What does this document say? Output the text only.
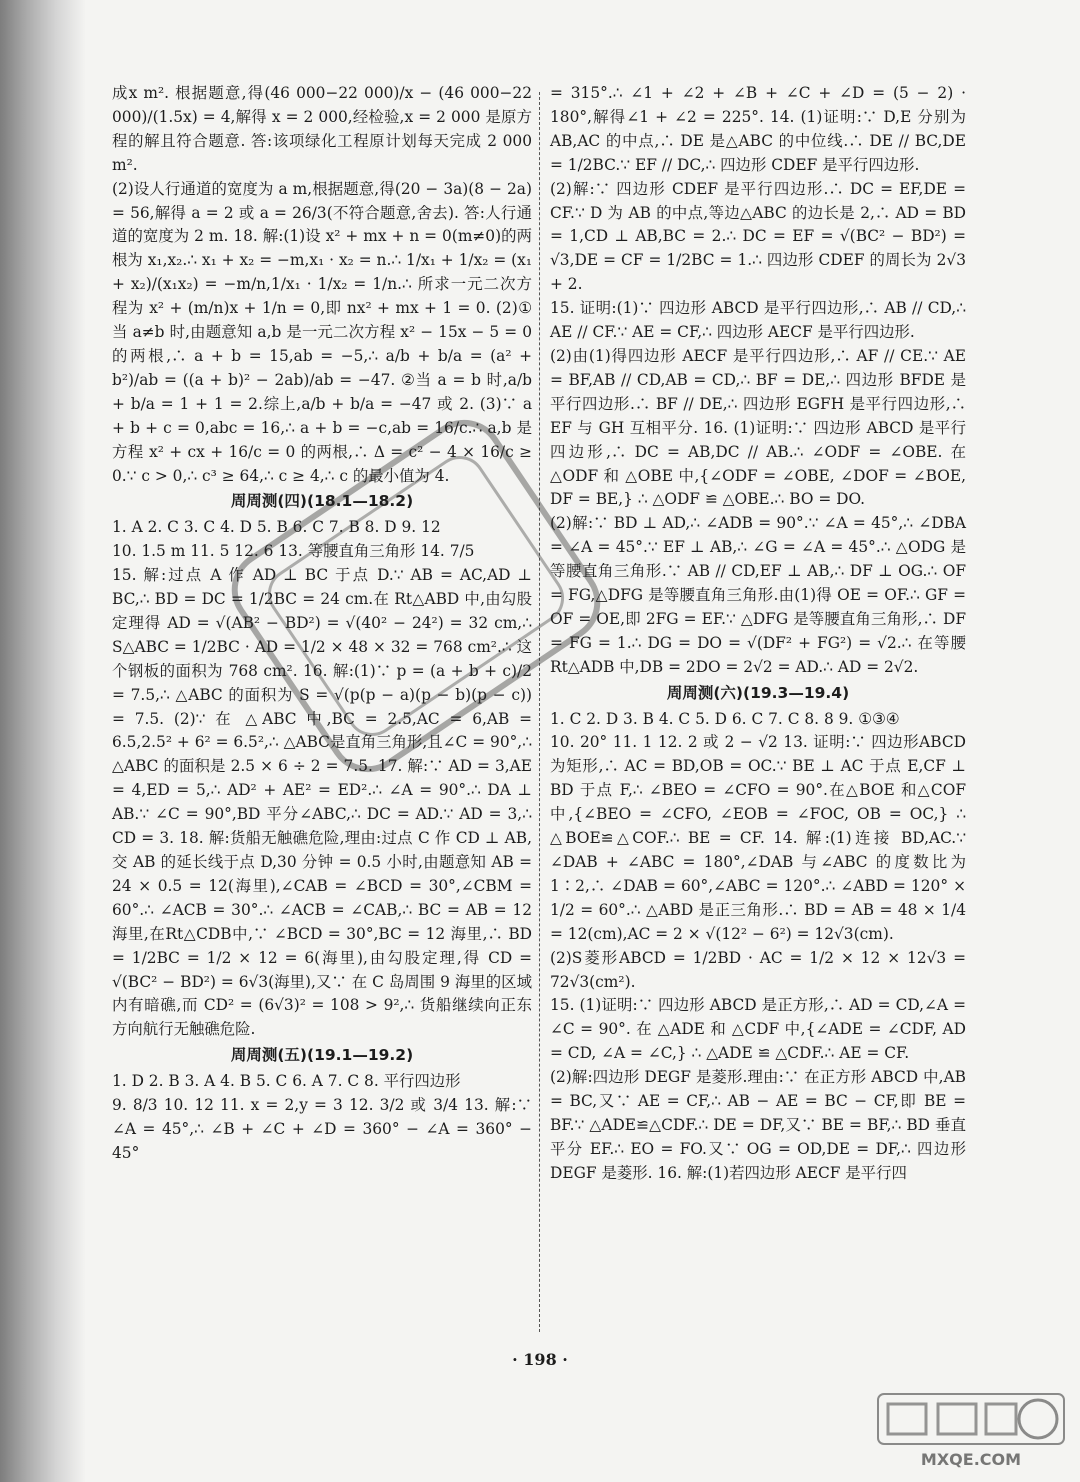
成x m². 根据题意,得(46 000−22 000)/x − (46 000−22 000)/(1.5x) = 4,解得 x = 2 000,经检验,x = 2 000 是原方程的解且符合题意. 答:该项绿化工程原计划每天完成 2 000 m².

(2)设人行通道的宽度为 a m,根据题意,得(20 − 3a)(8 − 2a) = 56,解得 a = 2 或 a = 26/3(不符合题意,舍去). 答:人行通道的宽度为 2 m. 18. 解:(1)设 x² + mx + n = 0(m≠0)的两根为 x₁,x₂.∴ x₁ + x₂ = −m,x₁ · x₂ = n.∴ 1/x₁ + 1/x₂ = (x₁ + x₂)/(x₁x₂) = −m/n,1/x₁ · 1/x₂ = 1/n.∴ 所求一元二次方程为 x² + (m/n)x + 1/n = 0,即 nx² + mx + 1 = 0. (2)①当 a≠b 时,由题意知 a,b 是一元二次方程 x² − 15x − 5 = 0 的两根,∴ a + b = 15,ab = −5,∴ a/b + b/a = (a² + b²)/ab = ((a + b)² − 2ab)/ab = −47. ②当 a = b 时,a/b + b/a = 1 + 1 = 2.综上,a/b + b/a = −47 或 2. (3)∵ a + b + c = 0,abc = 16,∴ a + b = −c,ab = 16/c.∴ a,b 是方程 x² + cx + 16/c = 0 的两根,∴ Δ = c² − 4 × 16/c ≥ 0.∵ c > 0,∴ c³ ≥ 64,∴ c ≥ 4,∴ c 的最小值为 4.

周周测(四)(18.1—18.2)

1. A 2. C 3. C 4. D 5. B 6. C 7. B 8. D 9. 12

10. 1.5 m 11. 5 12. 6 13. 等腰直角三角形 14. 7/5

15. 解:过点 A 作 AD ⊥ BC 于点 D.∵ AB = AC,AD ⊥ BC,∴ BD = DC = 1/2BC = 24 cm.在 Rt△ABD 中,由勾股定理得 AD = √(AB² − BD²) = √(40² − 24²) = 32 cm,∴ S△ABC = 1/2BC · AD = 1/2 × 48 × 32 = 768 cm².∴ 这个钢板的面积为 768 cm². 16. 解:(1)∵ p = (a + b + c)/2 = 7.5,∴ △ABC 的面积为 S = √(p(p − a)(p − b)(p − c)) = 7.5. (2)∵ 在 △ABC 中,BC = 2.5,AC = 6,AB = 6.5,2.5² + 6² = 6.5²,∴ △ABC是直角三角形,且∠C = 90°,∴ △ABC 的面积是 2.5 × 6 ÷ 2 = 7.5. 17. 解:∵ AD = 3,AE = 4,ED = 5,∴ AD² + AE² = ED².∴ ∠A = 90°.∴ DA ⊥ AB.∵ ∠C = 90°,BD 平分∠ABC,∴ DC = AD.∵ AD = 3,∴ CD = 3. 18. 解:货船无触礁危险,理由:过点 C 作 CD ⊥ AB,交 AB 的延长线于点 D,30 分钟 = 0.5 小时,由题意知 AB = 24 × 0.5 = 12(海里),∠CAB = ∠BCD = 30°,∠CBM = 60°.∴ ∠ACB = 30°.∴ ∠ACB = ∠CAB,∴ BC = AB = 12 海里,在Rt△CDB中,∵ ∠BCD = 30°,BC = 12 海里,∴ BD = 1/2BC = 1/2 × 12 = 6(海里),由勾股定理,得 CD = √(BC² − BD²) = 6√3(海里),又∵ 在 C 岛周围 9 海里的区域内有暗礁,而 CD² = (6√3)² = 108 > 9²,∴ 货船继续向正东方向航行无触礁危险.

周周测(五)(19.1—19.2)

1. D 2. B 3. A 4. B 5. C 6. A 7. C 8. 平行四边形

9. 8/3 10. 12 11. x = 2,y = 3 12. 3/2 或 3/4 13. 解:∵ ∠A = 45°,∴ ∠B + ∠C + ∠D = 360° − ∠A = 360° − 45°

= 315°.∴ ∠1 + ∠2 + ∠B + ∠C + ∠D = (5 − 2) · 180°,解得∠1 + ∠2 = 225°. 14. (1)证明:∵ D,E 分别为 AB,AC 的中点,∴ DE 是△ABC 的中位线.∴ DE // BC,DE = 1/2BC.∵ EF // DC,∴ 四边形 CDEF 是平行四边形.

(2)解:∵ 四边形 CDEF 是平行四边形.∴ DC = EF,DE = CF.∵ D 为 AB 的中点,等边△ABC 的边长是 2,∴ AD = BD = 1,CD ⊥ AB,BC = 2.∴ DC = EF = √(BC² − BD²) = √3,DE = CF = 1/2BC = 1.∴ 四边形 CDEF 的周长为 2√3 + 2.

15. 证明:(1)∵ 四边形 ABCD 是平行四边形,∴ AB // CD,∴ AE // CF.∵ AE = CF,∴ 四边形 AECF 是平行四边形.

(2)由(1)得四边形 AECF 是平行四边形,∴ AF // CE.∵ AE = BF,AB // CD,AB = CD,∴ BF = DE,∴ 四边形 BFDE 是平行四边形.∴ BF // DE,∴ 四边形 EGFH 是平行四边形,∴ EF 与 GH 互相平分. 16. (1)证明:∵ 四边形 ABCD 是平行四边形,∴ DC = AB,DC // AB.∴ ∠ODF = ∠OBE. 在 △ODF 和 △OBE 中,{∠ODF = ∠OBE, ∠DOF = ∠BOE, DF = BE,} ∴ △ODF ≌ △OBE.∴ BO = DO.

(2)解:∵ BD ⊥ AD,∴ ∠ADB = 90°.∵ ∠A = 45°,∴ ∠DBA = ∠A = 45°.∵ EF ⊥ AB,∴ ∠G = ∠A = 45°.∴ △ODG 是等腰直角三角形.∵ AB // CD,EF ⊥ AB,∴ DF ⊥ OG.∴ OF = FG,△DFG 是等腰直角三角形.由(1)得 OE = OF.∴ GF = OF = OE,即 2FG = EF.∵ △DFG 是等腰直角三角形,∴ DF = FG = 1.∴ DG = DO = √(DF² + FG²) = √2.∴ 在等腰 Rt△ADB 中,DB = 2DO = 2√2 = AD.∴ AD = 2√2.

周周测(六)(19.3—19.4)

1. C 2. D 3. B 4. C 5. D 6. C 7. C 8. 8 9. ①③④

10. 20° 11. 1 12. 2 或 2 − √2 13. 证明:∵ 四边形ABCD 为矩形,∴ AC = BD,OB = OC.∵ BE ⊥ AC 于点 E,CF ⊥ BD 于点 F,∴ ∠BEO = ∠CFO = 90°.在△BOE 和△COF 中,{∠BEO = ∠CFO, ∠EOB = ∠FOC, OB = OC,} ∴ △BOE≌△COF.∴ BE = CF. 14. 解:(1)连接 BD,AC.∵ ∠DAB + ∠ABC = 180°,∠DAB 与∠ABC 的度数比为 1∶2,∴ ∠DAB = 60°,∠ABC = 120°.∴ ∠ABD = 120° × 1/2 = 60°.∴ △ABD 是正三角形.∴ BD = AB = 48 × 1/4 = 12(cm),AC = 2 × √(12² − 6²) = 12√3(cm).

(2)S菱形ABCD = 1/2BD · AC = 1/2 × 12 × 12√3 = 72√3(cm²).

15. (1)证明:∵ 四边形 ABCD 是正方形,∴ AD = CD,∠A = ∠C = 90°. 在 △ADE 和 △CDF 中,{∠ADE = ∠CDF, AD = CD, ∠A = ∠C,} ∴ △ADE ≌ △CDF.∴ AE = CF.

(2)解:四边形 DEGF 是菱形.理由:∵ 在正方形 ABCD 中,AB = BC,又∵ AE = CF,∴ AB − AE = BC − CF,即 BE = BF.∵ △ADE≌△CDF.∴ DE = DF,又∵ BE = BF,∴ BD 垂直平分 EF.∴ EO = FO.又∵ OG = OD,DE = DF,∴ 四边形 DEGF 是菱形. 16. 解:(1)若四边形 AECF 是平行四

· 198 ·
MXQE.COM
